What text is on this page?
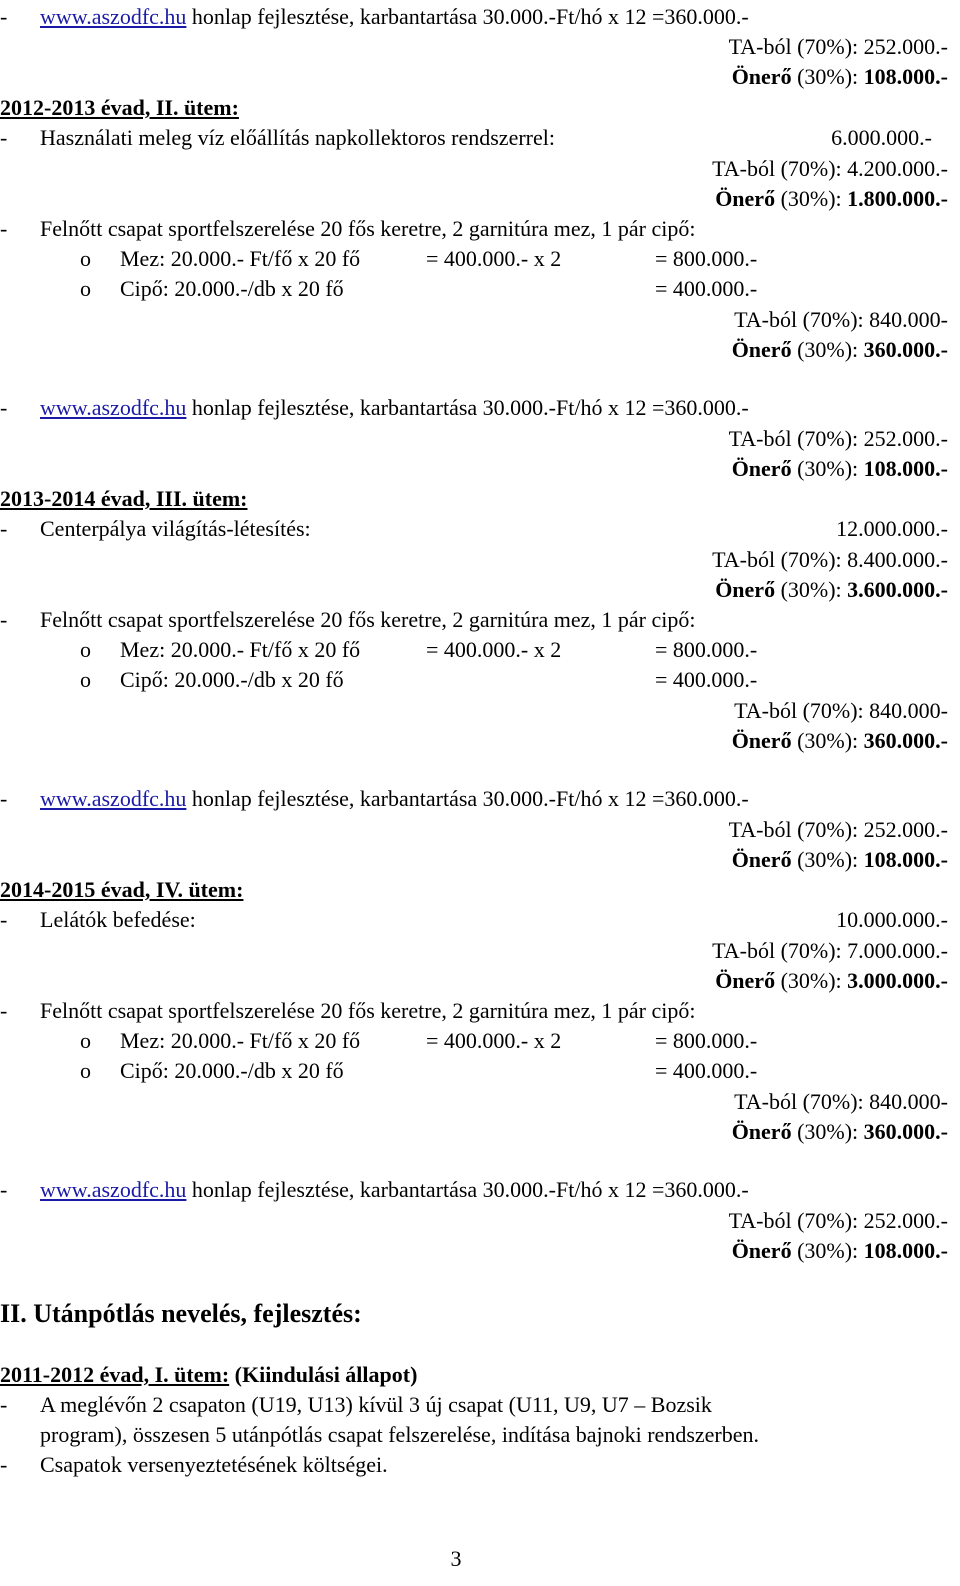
- www.aszodfc.hu honlap fejlesztése, karbantartása 30.000.-Ft/hó x 12 =360.000.-
TA-ból (70%): 252.000.-
Önerő (30%): 108.000.-
2012-2013 évad, II. ütem:
- Használati meleg víz előállítás napkollektoros rendszerrel:	6.000.000.-
TA-ból (70%): 4.200.000.-
Önerő (30%): 1.800.000.-
- Felnőtt csapat sportfelszerelése 20 fős keretre, 2 garnitúra mez, 1 pár cipő:
o Mez: 20.000.- Ft/fő x 20 fő	= 400.000.- x 2	= 800.000.-
o Cipő: 20.000.-/db x 20 fő	= 400.000.-
TA-ból (70%): 840.000-
Önerő (30%): 360.000.-
- www.aszodfc.hu honlap fejlesztése, karbantartása 30.000.-Ft/hó x 12 =360.000.-
TA-ból (70%): 252.000.-
Önerő (30%): 108.000.-
2013-2014 évad, III. ütem:
- Centerpálya világítás-létesítés:	12.000.000.-
TA-ból (70%): 8.400.000.-
Önerő (30%): 3.600.000.-
- Felnőtt csapat sportfelszerelése 20 fős keretre, 2 garnitúra mez, 1 pár cipő:
o Mez: 20.000.- Ft/fő x 20 fő	= 400.000.- x 2	= 800.000.-
o Cipő: 20.000.-/db x 20 fő	= 400.000.-
TA-ból (70%): 840.000-
Önerő (30%): 360.000.-
- www.aszodfc.hu honlap fejlesztése, karbantartása 30.000.-Ft/hó x 12 =360.000.-
TA-ból (70%): 252.000.-
Önerő (30%): 108.000.-
2014-2015 évad, IV. ütem:
- Lelátók befedése:	10.000.000.-
TA-ból (70%): 7.000.000.-
Önerő (30%): 3.000.000.-
- Felnőtt csapat sportfelszerelése 20 fős keretre, 2 garnitúra mez, 1 pár cipő:
o Mez: 20.000.- Ft/fő x 20 fő	= 400.000.- x 2	= 800.000.-
o Cipő: 20.000.-/db x 20 fő	= 400.000.-
TA-ból (70%): 840.000-
Önerő (30%): 360.000.-
- www.aszodfc.hu honlap fejlesztése, karbantartása 30.000.-Ft/hó x 12 =360.000.-
TA-ból (70%): 252.000.-
Önerő (30%): 108.000.-
II. Utánpótlás nevelés, fejlesztés:
2011-2012 évad, I. ütem: (Kiindulási állapot)
- A meglévőn 2 csapaton (U19, U13) kívül 3 új csapat (U11, U9, U7 – Bozsik
program), összesen 5 utánpótlás csapat felszerelése, indítása bajnoki rendszerben.
- Csapatok versenyeztetésének költségei.
3
